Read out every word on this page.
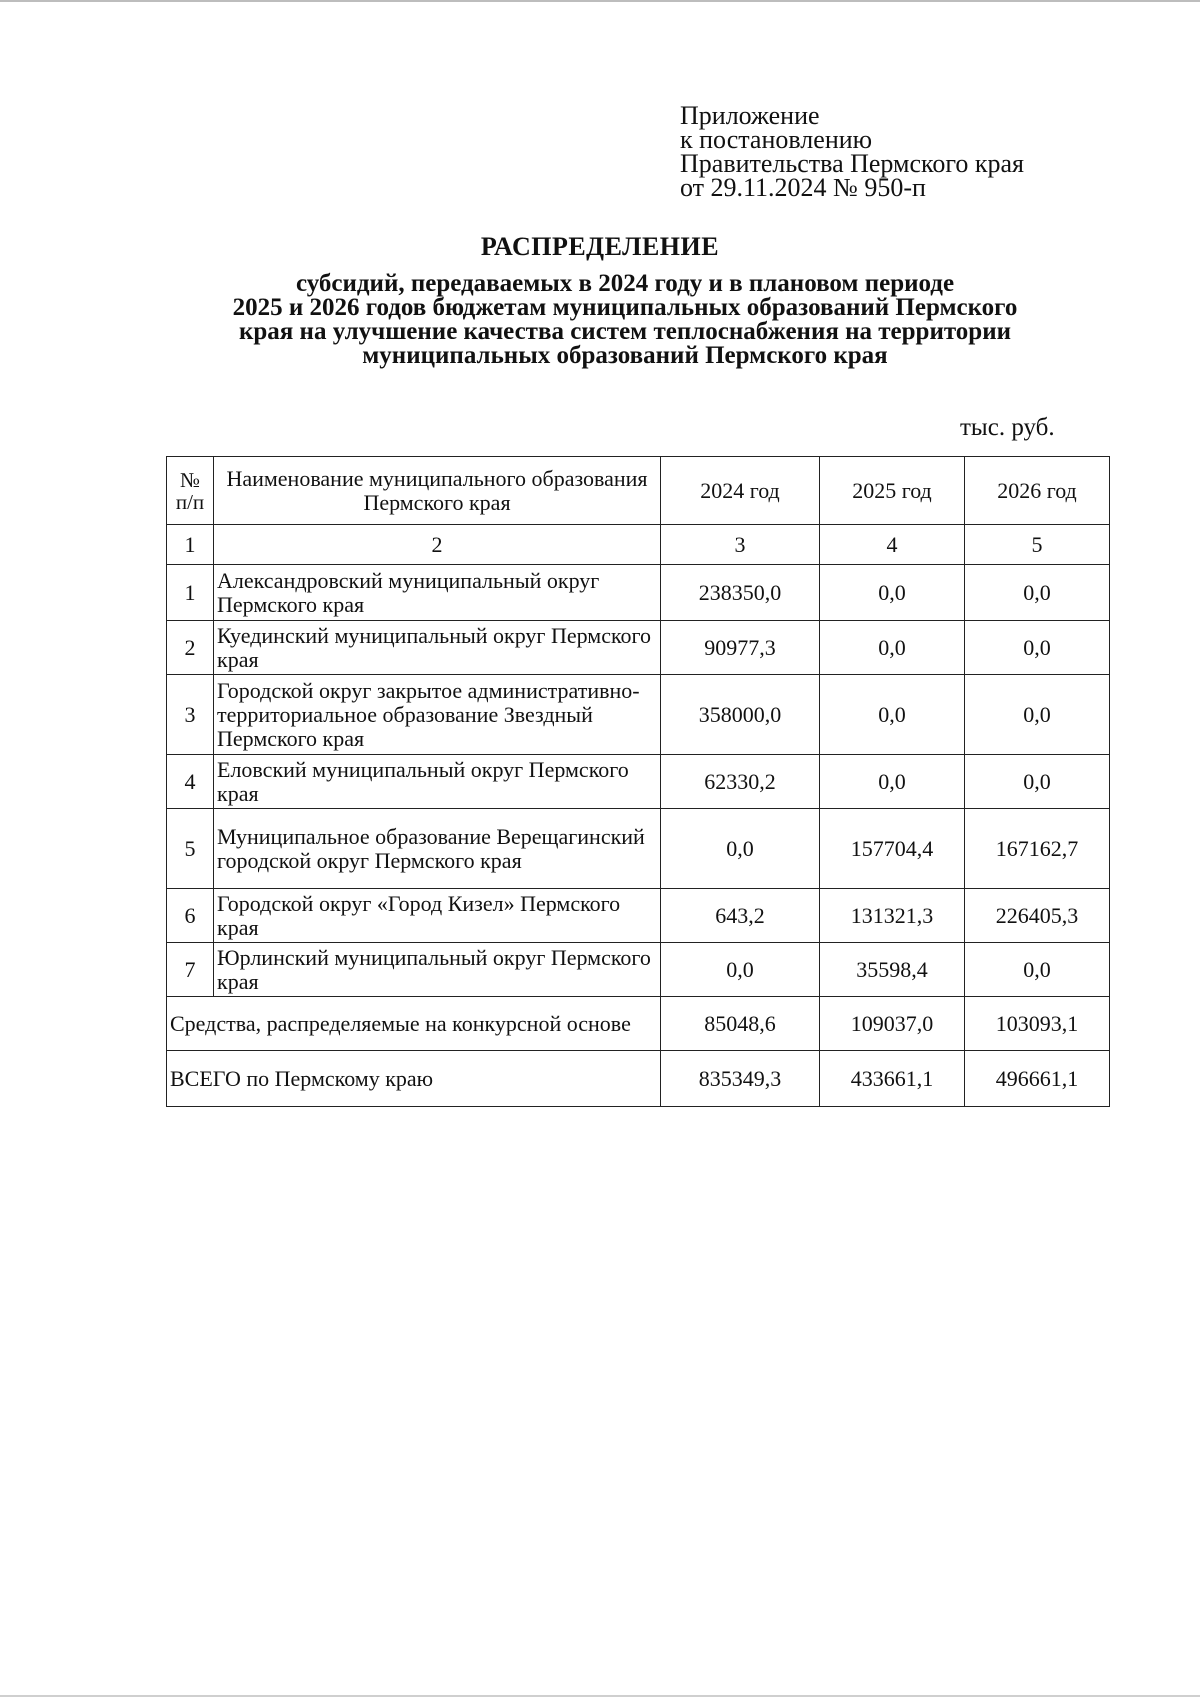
Приложение
к постановлению
Правительства Пермского края
от 29.11.2024 № 950-п
РАСПРЕДЕЛЕНИЕ
субсидий, передаваемых в 2024 году и в плановом периоде
2025 и 2026 годов бюджетам муниципальных образований Пермского
края на улучшение качества систем теплоснабжения на территории
муниципальных образований Пермского края
тыс. руб.
№ п/п	Наименование муниципального образования Пермского края	2024 год	2025 год	2026 год
1	2	3	4	5
1	Александровский муниципальный округ Пермского края	238350,0	0,0	0,0
2	Куединский муниципальный округ Пермского края	90977,3	0,0	0,0
3	Городской округ закрытое административно-территориальное образование Звездный Пермского края	358000,0	0,0	0,0
4	Еловский муниципальный округ Пермского края	62330,2	0,0	0,0
5	Муниципальное образование Верещагинский городской округ Пермского края	0,0	157704,4	167162,7
6	Городской округ «Город Кизел» Пермского края	643,2	131321,3	226405,3
7	Юрлинский муниципальный округ Пермского края	0,0	35598,4	0,0
Средства, распределяемые на конкурсной основе		85048,6	109037,0	103093,1
ВСЕГО по Пермскому краю		835349,3	433661,1	496661,1
